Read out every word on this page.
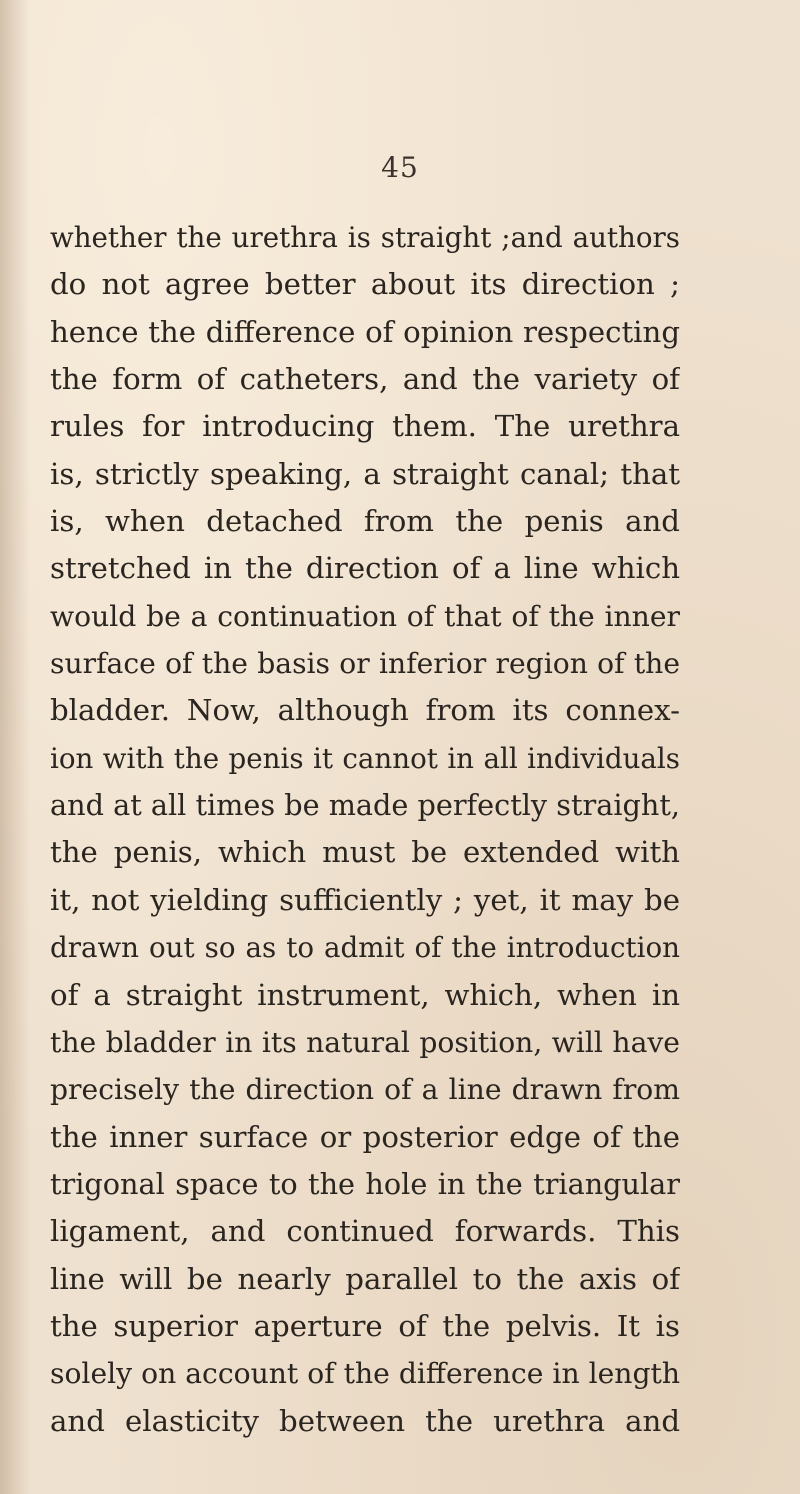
45
whether the urethra is straight ;and authors
do not agree better about its direction ;
hence the difference of opinion respecting
the form of catheters, and the variety of
rules for introducing them. The urethra
is, strictly speaking, a straight canal; that
is, when detached from the penis and
stretched in the direction of a line which
would be a continuation of that of the inner
surface of the basis or inferior region of the
bladder. Now, although from its connex-
ion with the penis it cannot in all individuals
and at all times be made perfectly straight,
the penis, which must be extended with
it, not yielding sufficiently ; yet, it may be
drawn out so as to admit of the introduction
of a straight instrument, which, when in
the bladder in its natural position, will have
precisely the direction of a line drawn from
the inner surface or posterior edge of the
trigonal space to the hole in the triangular
ligament, and continued forwards. This
line will be nearly parallel to the axis of
the superior aperture of the pelvis. It is
solely on account of the difference in length
and elasticity between the urethra and
